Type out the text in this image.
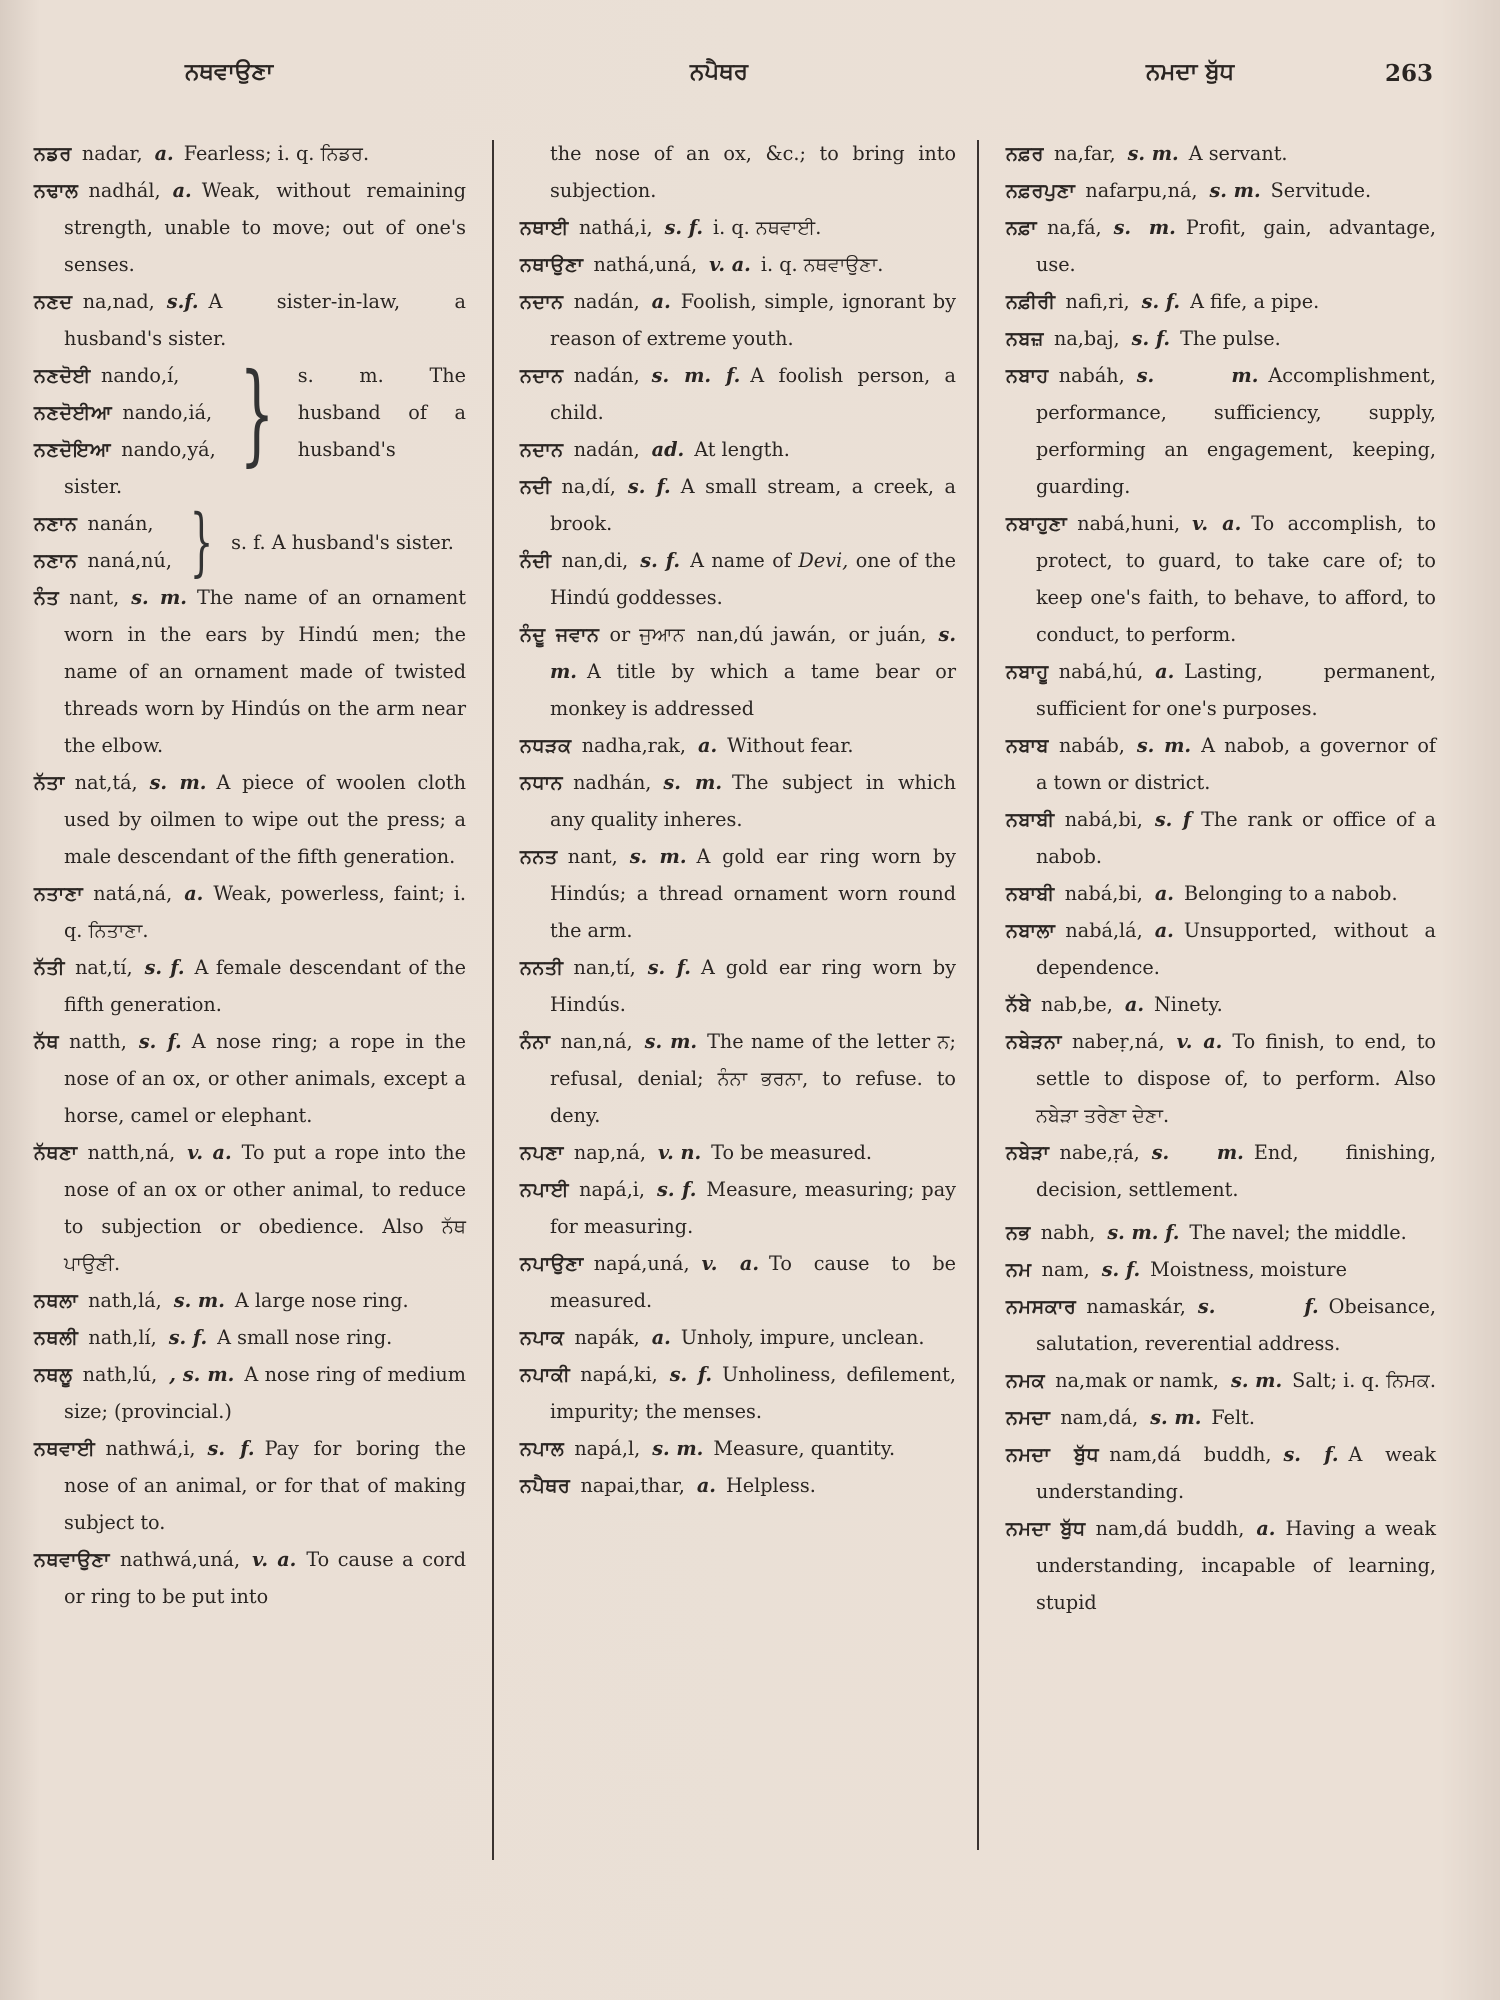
ਨਥਵਾਉਣਾ	ਨਪੈਥਰ	ਨਮਦਾ ਬੁੱਧ	263

ਨਡਰ nadar, a. Fearless; i. q. ਨਿਡਰ.

ਨਢਾਲ nadhál, a. Weak, without remaining strength, unable to move; out of one's senses.

ਨਣਦ na,nad, s.f. A sister-in-law, a husband's sister.

ਨਣਦੋਈ nando,í,
ਨਣਦੋਈਆ nando,iá,
ਨਣਦੋਇਆ nando,yá, } s. m. The husband of a husband's
sister.
ਨਣਾਨ nanán,
ਨਣਾਨ naná,nú, } s. f. A husband's sister.

ਨੰਤ nant, s. m. The name of an ornament worn in the ears by Hindú men; the name of an ornament made of twisted threads worn by Hindús on the arm near the elbow.

ਨੱਤਾ nat,tá, s. m. A piece of woolen cloth used by oilmen to wipe out the press; a male descendant of the fifth generation.

ਨਤਾਣਾ natá,ná, a. Weak, powerless, faint; i. q. ਨਿਤਾਣਾ.

ਨੱਤੀ nat,tí, s. f. A female descendant of the fifth generation.

ਨੱਥ natth, s. f. A nose ring; a rope in the nose of an ox, or other animals, except a horse, camel or elephant.

ਨੱਥਣਾ natth,ná, v. a. To put a rope into the nose of an ox or other animal, to reduce to subjection or obedience. Also ਨੱਥ ਪਾਉਣੀ.

ਨਥਲਾ nath,lá, s. m. A large nose ring.

ਨਥਲੀ nath,lí, s. f. A small nose ring.

ਨਥਲੂ nath,lú, , s. m. A nose ring of medium size; (provincial.)

ਨਥਵਾਈ nathwá,i, s. f. Pay for boring the nose of an animal, or for that of making subject to.

ਨਥਵਾਉਣਾ nathwá,uná, v. a. To cause a cord or ring to be put into

the nose of an ox, &c.; to bring into subjection.

ਨਥਾਈ nathá,i, s. f. i. q. ਨਥਵਾਈ.

ਨਥਾਉਣਾ nathá,uná, v. a. i. q. ਨਥਵਾਉਣਾ.

ਨਦਾਨ nadán, a. Foolish, simple, ignorant by reason of extreme youth.

ਨਦਾਨ nadán, s. m. f. A foolish person, a child.

ਨਦਾਨ nadán, ad. At length.

ਨਦੀ na,dí, s. f. A small stream, a creek, a brook.

ਨੰਦੀ nan,di, s. f. A name of Devi, one of the Hindú goddesses.

ਨੰਦੂ ਜਵਾਨ or ਜੁਆਨ nan,dú jawán, or juán, s. m. A title by which a tame bear or monkey is addressed

ਨਧੜਕ nadha,rak, a. Without fear.

ਨਧਾਨ nadhán, s. m. The subject in which any quality inheres.

ਨਨਤ nant, s. m. A gold ear ring worn by Hindús; a thread ornament worn round the arm.

ਨਨਤੀ nan,tí, s. f. A gold ear ring worn by Hindús.

ਨੰਨਾ nan,ná, s. m. The name of the letter ਨ; refusal, denial; ਨੰਨਾ ਭਰਨਾ, to refuse. to deny.

ਨਪਣਾ nap,ná, v. n. To be measured.

ਨਪਾਈ napá,i, s. f. Measure, measuring; pay for measuring.

ਨਪਾਉਣਾ napá,uná, v. a. To cause to be measured.

ਨਪਾਕ napák, a. Unholy, impure, unclean.

ਨਪਾਕੀ napá,ki, s. f. Unholiness, defilement, impurity; the menses.

ਨਪਾਲ napá,l, s. m. Measure, quantity.

ਨਪੈਥਰ napai,thar, a. Helpless.

ਨਫ਼ਰ na,far, s. m. A servant.

ਨਫ਼ਰਪੁਣਾ nafarpu,ná, s. m. Servitude.

ਨਫ਼ਾ na,fá, s. m. Profit, gain, advantage, use.

ਨਫ਼ੀਰੀ nafi,ri, s. f. A fife, a pipe.

ਨਬਜ਼ na,baj, s. f. The pulse.

ਨਬਾਹ nabáh, s. m. Accomplishment, performance, sufficiency, supply, performing an engagement, keeping, guarding.

ਨਬਾਹੁਣਾ nabá,huni, v. a. To accomplish, to protect, to guard, to take care of; to keep one's faith, to behave, to afford, to conduct, to perform.

ਨਬਾਹੂ nabá,hú, a. Lasting, permanent, sufficient for one's purposes.

ਨਬਾਬ nabáb, s. m. A nabob, a governor of a town or district.

ਨਬਾਬੀ nabá,bi, s. f The rank or office of a nabob.

ਨਬਾਬੀ nabá,bi, a. Belonging to a nabob.

ਨਬਾਲਾ nabá,lá, a. Unsupported, without a dependence.

ਨੱਬੇ nab,be, a. Ninety.

ਨਬੇੜਨਾ nabeṛ,ná, v. a. To finish, to end, to settle to dispose of, to perform. Also ਨਬੇੜਾ ਤਰੇਣਾ ਦੇਣਾ.

ਨਬੇੜਾ nabe,ṛá, s. m. End, finishing, decision, settlement.

ਨਭ nabh, s. m. f. The navel; the middle.

ਨਮ nam, s. f. Moistness, moisture

ਨਮਸਕਾਰ namaskár, s. f. Obeisance, salutation, reverential address.

ਨਮਕ na,mak or namk, s. m. Salt; i. q. ਨਿਮਕ.

ਨਮਦਾ nam,dá, s. m. Felt.

ਨਮਦਾ ਬੁੱਧ nam,dá buddh, s. f. A weak understanding.

ਨਮਦਾ ਬੁੱਧ nam,dá buddh, a. Having a weak understanding, incapable of learning, stupid
